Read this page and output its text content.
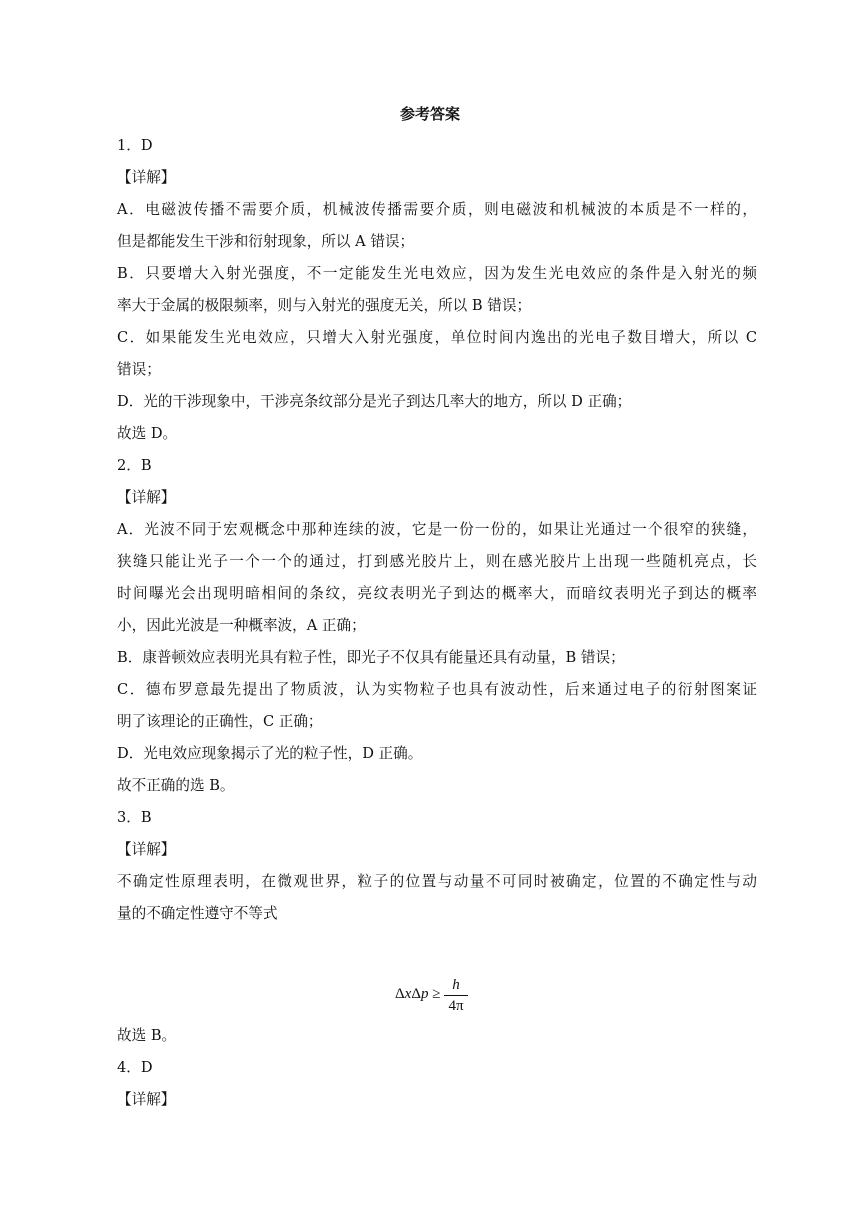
参考答案
1．D
【详解】
A．电磁波传播不需要介质，机械波传播需要介质，则电磁波和机械波的本质是不一样的，
但是都能发生干涉和衍射现象，所以 A 错误；
B．只要增大入射光强度，不一定能发生光电效应，因为发生光电效应的条件是入射光的频
率大于金属的极限频率，则与入射光的强度无关，所以 B 错误；
C．如果能发生光电效应，只增大入射光强度，单位时间内逸出的光电子数目增大，所以 C
错误；
D．光的干涉现象中，干涉亮条纹部分是光子到达几率大的地方，所以 D 正确；
故选 D。
2．B
【详解】
A．光波不同于宏观概念中那种连续的波，它是一份一份的，如果让光通过一个很窄的狭缝，
狭缝只能让光子一个一个的通过，打到感光胶片上，则在感光胶片上出现一些随机亮点，长
时间曝光会出现明暗相间的条纹，亮纹表明光子到达的概率大，而暗纹表明光子到达的概率
小，因此光波是一种概率波，A 正确；
B．康普顿效应表明光具有粒子性，即光子不仅具有能量还具有动量，B 错误；
C．德布罗意最先提出了物质波，认为实物粒子也具有波动性，后来通过电子的衍射图案证
明了该理论的正确性，C 正确；
D．光电效应现象揭示了光的粒子性，D 正确。
故不正确的选 B。
3．B
【详解】
不确定性原理表明，在微观世界，粒子的位置与动量不可同时被确定，位置的不确定性与动
量的不确定性遵守不等式
ΔxΔp ≥
h
4π
故选 B。
4．D
【详解】
